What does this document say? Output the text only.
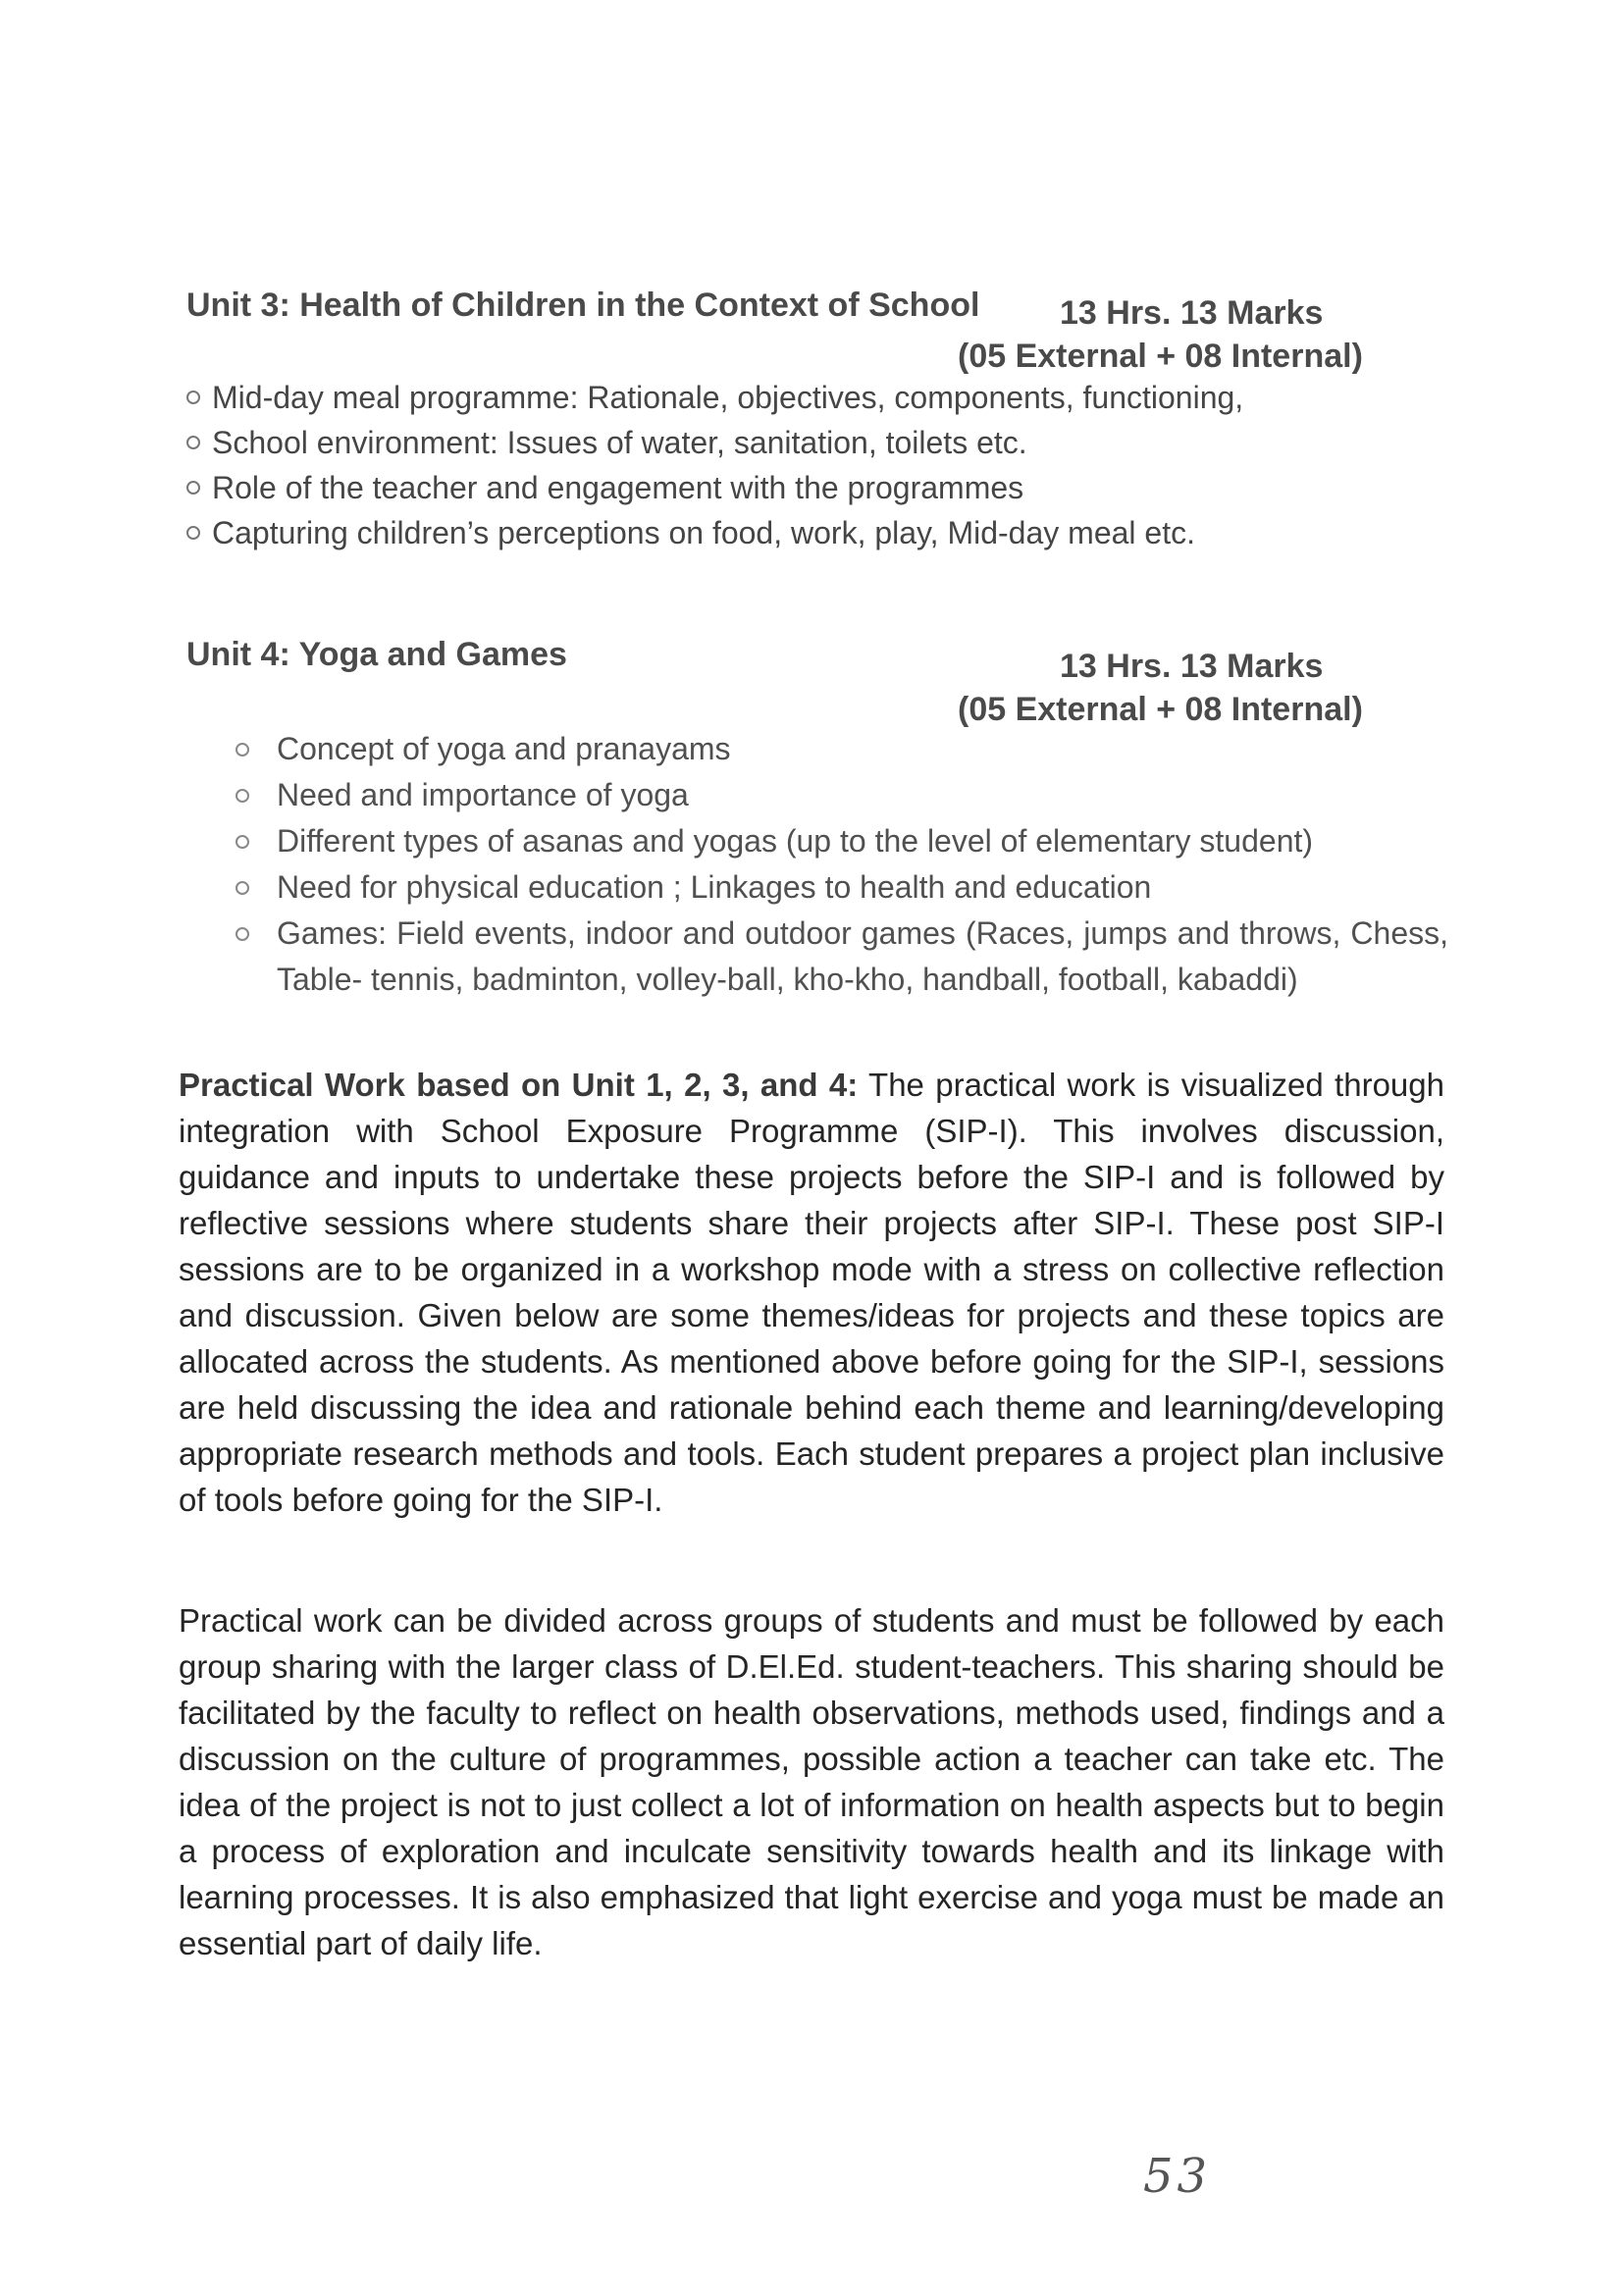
Unit 3: Health of Children in the Context of School 13 Hrs. 13 Marks
(05 External + 08 Internal)
Mid-day meal programme: Rationale, objectives, components, functioning,
School environment: Issues of water, sanitation, toilets etc.
Role of the teacher and engagement with the programmes
Capturing children’s perceptions on food, work, play, Mid-day meal etc.
Unit 4: Yoga and Games	13 Hrs. 13 Marks
(05 External + 08 Internal)
Concept of yoga and pranayams
Need and importance of yoga
Different types of asanas and yogas (up to the level of elementary student)
Need for physical education ; Linkages to health and education
Games: Field events, indoor and outdoor games (Races, jumps and throws, Chess, Table- tennis, badminton, volley-ball, kho-kho, handball, football, kabaddi)

Practical Work based on Unit 1, 2, 3, and 4: The practical work is visualized through integration with School Exposure Programme (SIP-I). This involves discussion, guidance and inputs to undertake these projects before the SIP-I and is followed by reflective sessions where students share their projects after SIP-I. These post SIP-I sessions are to be organized in a workshop mode with a stress on collective reflection and discussion. Given below are some themes/ideas for projects and these topics are allocated across the students. As mentioned above before going for the SIP-I, sessions are held discussing the idea and rationale behind each theme and learning/developing appropriate research methods and tools. Each student prepares a project plan inclusive of tools before going for the SIP-I.

Practical work can be divided across groups of students and must be followed by each group sharing with the larger class of D.El.Ed. student-teachers. This sharing should be facilitated by the faculty to reflect on health observations, methods used, findings and a discussion on the culture of programmes, possible action a teacher can take etc. The idea of the project is not to just collect a lot of information on health aspects but to begin a process of exploration and inculcate sensitivity towards health and its linkage with learning processes. It is also emphasized that light exercise and yoga must be made an essential part of daily life.

53
